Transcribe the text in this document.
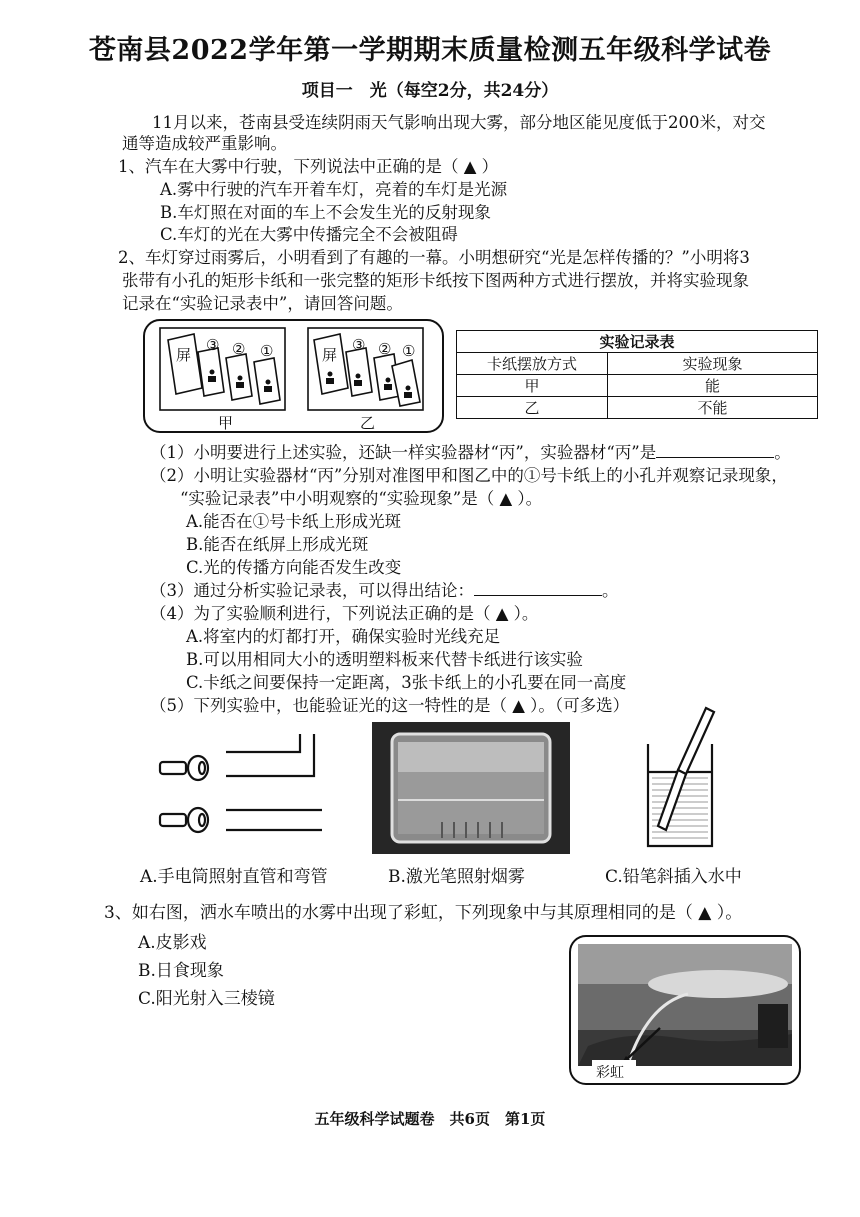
苍南县2022学年第一学期期末质量检测五年级科学试卷
项目一　光（每空2分，共24分）
11月以来，苍南县受连续阴雨天气影响出现大雾，部分地区能见度低于200米，对交
通等造成较严重影响。
1、汽车在大雾中行驶，下列说法中正确的是（ ▲ ）
A.雾中行驶的汽车开着车灯，亮着的车灯是光源
B.车灯照在对面的车上不会发生光的反射现象
C.车灯的光在大雾中传播完全不会被阻碍
2、车灯穿过雨雾后，小明看到了有趣的一幕。小明想研究“光是怎样传播的？”小明将3
张带有小孔的矩形卡纸和一张完整的矩形卡纸按下图两种方式进行摆放，并将实验现象
记录在“实验记录表中”，请回答问题。
屏
③ ② ①	屏
③ ② ①
甲	乙
实验记录表	
卡纸摆放方式	实验现象
甲	能
乙	不能
（1）小明要进行上述实验，还缺一样实验器材“丙”，实验器材“丙”是	。
（2）小明让实验器材“丙”分别对准图甲和图乙中的①号卡纸上的小孔并观察记录现象，
“实验记录表”中小明观察的“实验现象”是（ ▲ ）。
A.能否在①号卡纸上形成光斑
B.能否在纸屏上形成光斑
C.光的传播方向能否发生改变
（3）通过分析实验记录表，可以得出结论：	。
（4）为了实验顺利进行，下列说法正确的是（ ▲ ）。
A.将室内的灯都打开，确保实验时光线充足
B.可以用相同大小的透明塑料板来代替卡纸进行该实验
C.卡纸之间要保持一定距离，3张卡纸上的小孔要在同一高度
（5）下列实验中，也能验证光的这一特性的是（ ▲ ）。（可多选）
A.手电筒照射直管和弯管	B.激光笔照射烟雾	C.铅笔斜插入水中
3、如右图，洒水车喷出的水雾中出现了彩虹，下列现象中与其原理相同的是（ ▲ ）。
A.皮影戏
B.日食现象
C.阳光射入三棱镜
彩虹
五年级科学试题卷　共6页　第1页
